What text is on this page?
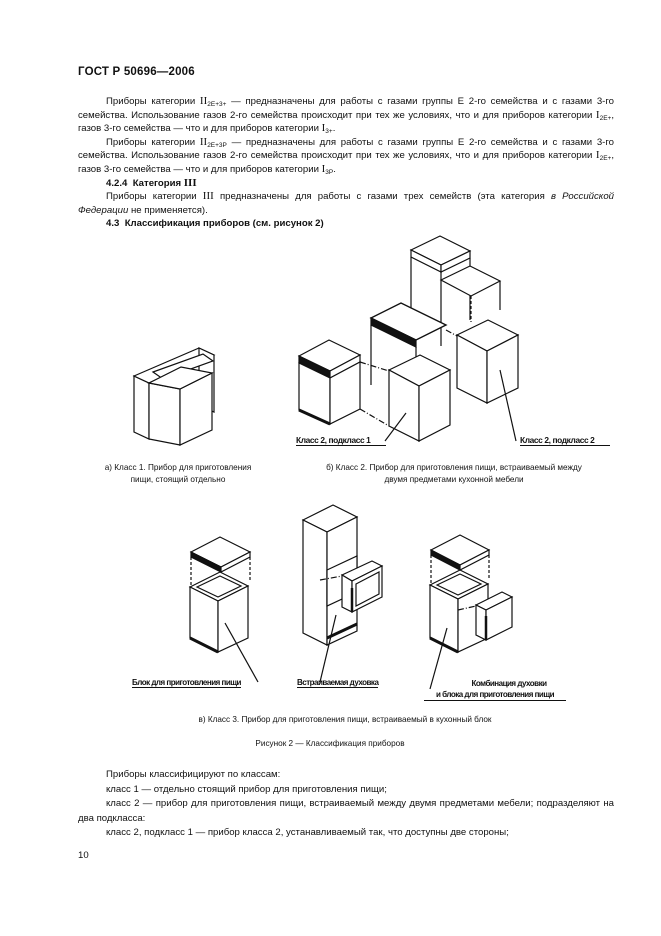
ГОСТ Р 50696—2006

Приборы категории $II_{2E+3+}$ — предназначены для работы с газами группы Е 2-го семейства и с газами 3-го семейства. Использование газов 2-го семейства происходит при тех же условиях, что и для приборов категории $I_{2E+}$, газов 3-го семейства — что и для приборов категории $I_{3+}$.

Приборы категории $II_{2E+3P}$ — предназначены для работы с газами группы Е 2-го семейства и с газами 3-го семейства. Использование газов 2-го семейства происходит при тех же условиях, что и для приборов категории $I_{2E+}$, газов 3-го семейства — что и для приборов категории $I_{3P}$.

4.2.4 Категория III

Приборы категории III предназначены для работы с газами трех семейств (эта категория в Российской Федерации не применяется).

4.3 Классификация приборов (см. рисунок 2)

Класс 2, подкласс 1	Класс 2, подкласс 2
а) Класс 1. Прибор для приготовления
пищи, стоящий отдельно
б) Класс 2. Прибор для приготовления пищи, встраиваемый между
двумя предметами кухонной мебели
Блок для приготовления пищи	Встраиваемая духовка	Комбинация духовки
и блока для приготовления пищи
в) Класс 3. Прибор для приготовления пищи, встраиваемый в кухонный блок
Рисунок 2 — Классификация приборов

Приборы классифицируют по классам:

класс 1 — отдельно стоящий прибор для приготовления пищи;

класс 2 — прибор для приготовления пищи, встраиваемый между двумя предметами мебели; подразделяют на два подкласса:

класс 2, подкласс 1 — прибор класса 2, устанавливаемый так, что доступны две стороны;

10
